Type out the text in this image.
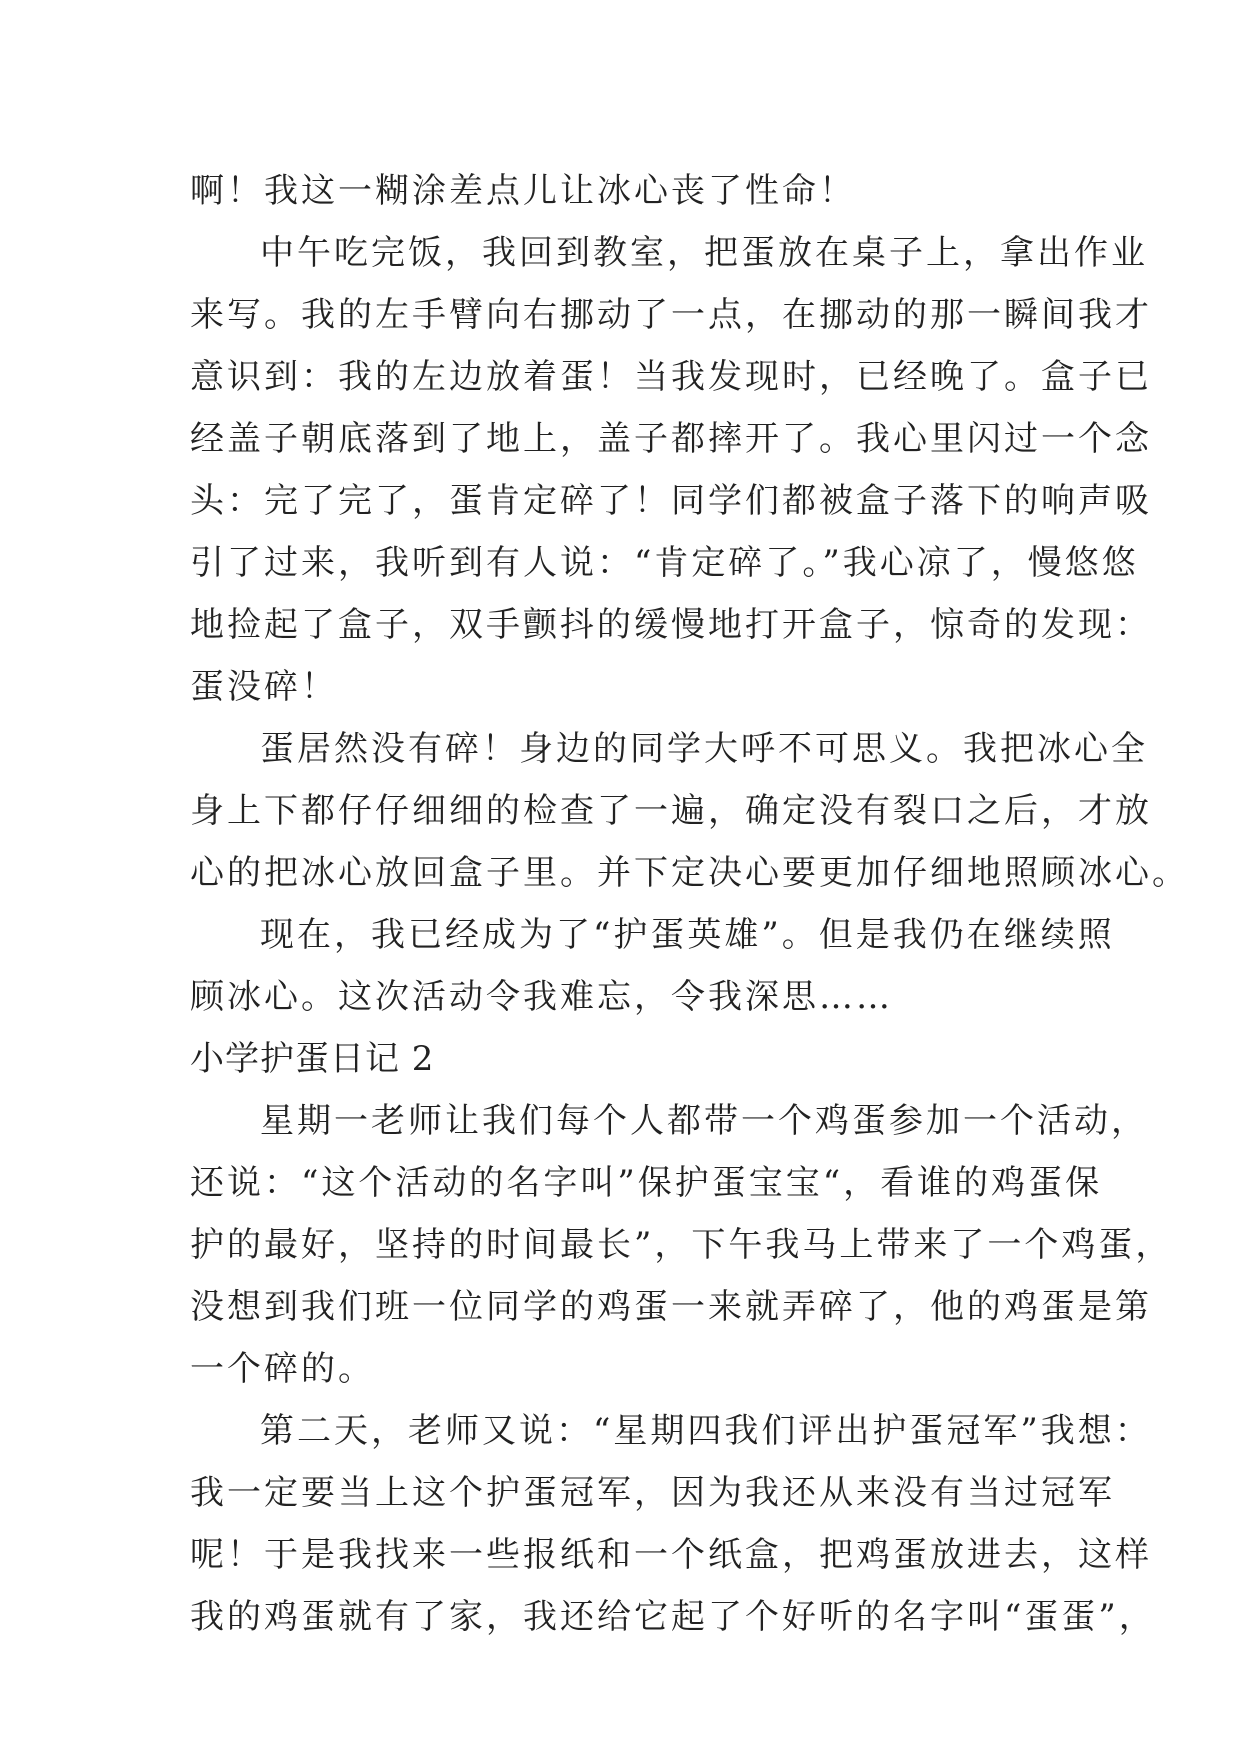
啊！我这一糊涂差点儿让冰心丧了性命！
中午吃完饭，我回到教室，把蛋放在桌子上，拿出作业
来写。我的左手臂向右挪动了一点，在挪动的那一瞬间我才
意识到：我的左边放着蛋！当我发现时，已经晚了。盒子已
经盖子朝底落到了地上，盖子都摔开了。我心里闪过一个念
头：完了完了，蛋肯定碎了！同学们都被盒子落下的响声吸
引了过来，我听到有人说：“肯定碎了。”我心凉了，慢悠悠
地捡起了盒子，双手颤抖的缓慢地打开盒子，惊奇的发现：
蛋没碎！
蛋居然没有碎！身边的同学大呼不可思义。我把冰心全
身上下都仔仔细细的检查了一遍，确定没有裂口之后，才放
心的把冰心放回盒子里。并下定决心要更加仔细地照顾冰心。
现在，我已经成为了“护蛋英雄”。但是我仍在继续照
顾冰心。这次活动令我难忘，令我深思……
小学护蛋日记 2
星期一老师让我们每个人都带一个鸡蛋参加一个活动，
还说：“这个活动的名字叫”保护蛋宝宝“，看谁的鸡蛋保
护的最好，坚持的时间最长”，下午我马上带来了一个鸡蛋，
没想到我们班一位同学的鸡蛋一来就弄碎了，他的鸡蛋是第
一个碎的。
第二天，老师又说：“星期四我们评出护蛋冠军”我想：
我一定要当上这个护蛋冠军，因为我还从来没有当过冠军
呢！于是我找来一些报纸和一个纸盒，把鸡蛋放进去，这样
我的鸡蛋就有了家，我还给它起了个好听的名字叫“蛋蛋”，
